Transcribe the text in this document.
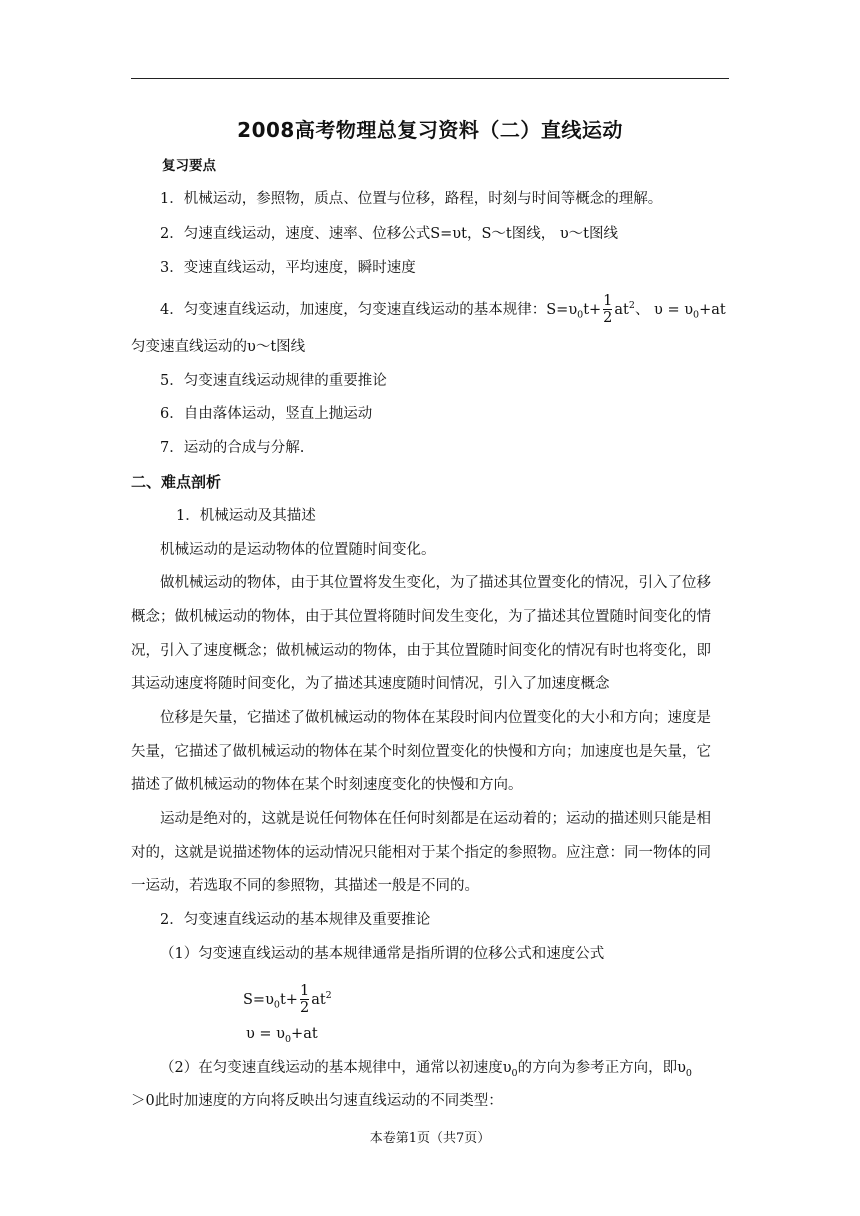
2008高考物理总复习资料（二）直线运动
复习要点
1．机械运动，参照物，质点、位置与位移，路程，时刻与时间等概念的理解。
2．匀速直线运动，速度、速率、位移公式S=υt，S～t图线， υ～t图线
3．变速直线运动，平均速度，瞬时速度
4．匀变速直线运动，加速度，匀变速直线运动的基本规律：$S=\upsilon_0t+ \frac{1}{2} at^2$、 $\upsilon = \upsilon_0+at$
匀变速直线运动的υ～t图线
5．匀变速直线运动规律的重要推论
6．自由落体运动，竖直上抛运动
7．运动的合成与分解.
二、难点剖析
1．机械运动及其描述
机械运动的是运动物体的位置随时间变化。
做机械运动的物体，由于其位置将发生变化，为了描述其位置变化的情况，引入了位移
概念；做机械运动的物体，由于其位置将随时间发生变化，为了描述其位置随时间变化的情
况，引入了速度概念；做机械运动的物体，由于其位置随时间变化的情况有时也将变化，即
其运动速度将随时间变化，为了描述其速度随时间情况，引入了加速度概念
位移是矢量，它描述了做机械运动的物体在某段时间内位置变化的大小和方向；速度是
矢量，它描述了做机械运动的物体在某个时刻位置变化的快慢和方向；加速度也是矢量，它
描述了做机械运动的物体在某个时刻速度变化的快慢和方向。
运动是绝对的，这就是说任何物体在任何时刻都是在运动着的；运动的描述则只能是相
对的，这就是说描述物体的运动情况只能相对于某个指定的参照物。应注意：同一物体的同
一运动，若选取不同的参照物，其描述一般是不同的。
2．匀变速直线运动的基本规律及重要推论
（1）匀变速直线运动的基本规律通常是指所谓的位移公式和速度公式
$S=\upsilon_0t+ \frac{1}{2} at^2$
$\upsilon = \upsilon_0+at$
（2）在匀变速直线运动的基本规律中，通常以初速度$\upsilon_0$的方向为参考正方向，即$\upsilon_0$
＞0此时加速度的方向将反映出匀速直线运动的不同类型：
本卷第1页（共7页）
